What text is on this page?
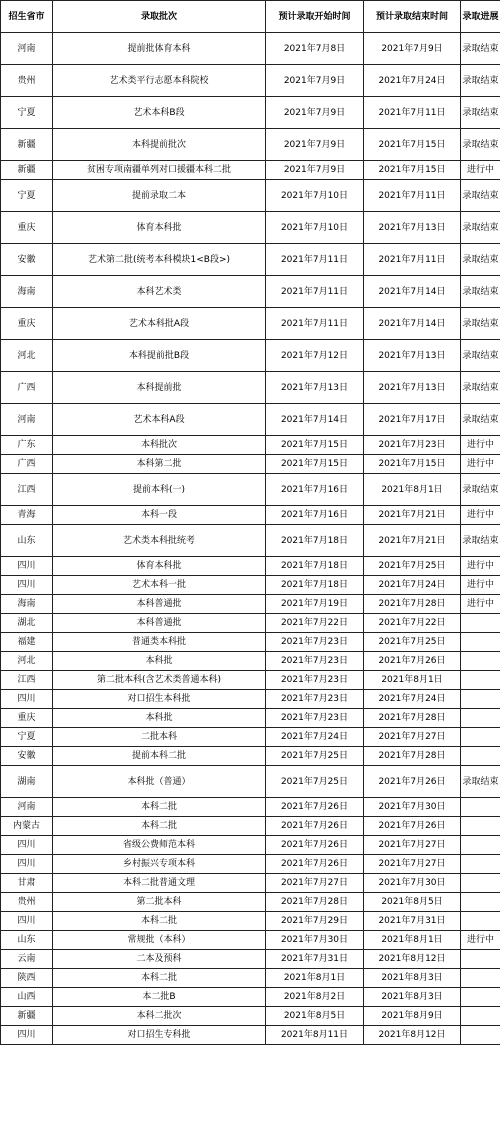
招生省市	录取批次	预计录取开始时间	预计录取结束时间	录取进展
河南	提前批体育本科	2021年7月8日	2021年7月9日	录取结束
贵州	艺术类平行志愿本科院校	2021年7月9日	2021年7月24日	录取结束
宁夏	艺术本科B段	2021年7月9日	2021年7月11日	录取结束
新疆	本科提前批次	2021年7月9日	2021年7月15日	录取结束
新疆	贫困专项南疆单列对口援疆本科二批	2021年7月9日	2021年7月15日	进行中
宁夏	提前录取二本	2021年7月10日	2021年7月11日	录取结束
重庆	体育本科批	2021年7月10日	2021年7月13日	录取结束
安徽	艺术第二批(统考本科模块1<B段>)	2021年7月11日	2021年7月11日	录取结束
海南	本科艺术类	2021年7月11日	2021年7月14日	录取结束
重庆	艺术本科批A段	2021年7月11日	2021年7月14日	录取结束
河北	本科提前批B段	2021年7月12日	2021年7月13日	录取结束
广西	本科提前批	2021年7月13日	2021年7月13日	录取结束
河南	艺术本科A段	2021年7月14日	2021年7月17日	录取结束
广东	本科批次	2021年7月15日	2021年7月23日	进行中
广西	本科第二批	2021年7月15日	2021年7月15日	进行中
江西	提前本科(一)	2021年7月16日	2021年8月1日	录取结束
青海	本科一段	2021年7月16日	2021年7月21日	进行中
山东	艺术类本科批统考	2021年7月18日	2021年7月21日	录取结束
四川	体育本科批	2021年7月18日	2021年7月25日	进行中
四川	艺术本科一批	2021年7月18日	2021年7月24日	进行中
海南	本科普通批	2021年7月19日	2021年7月28日	进行中
湖北	本科普通批	2021年7月22日	2021年7月22日	
福建	普通类本科批	2021年7月23日	2021年7月25日	
河北	本科批	2021年7月23日	2021年7月26日	
江西	第二批本科(含艺术类普通本科)	2021年7月23日	2021年8月1日	
四川	对口招生本科批	2021年7月23日	2021年7月24日	
重庆	本科批	2021年7月23日	2021年7月28日	
宁夏	二批本科	2021年7月24日	2021年7月27日	
安徽	提前本科二批	2021年7月25日	2021年7月28日	
湖南	本科批（普通）	2021年7月25日	2021年7月26日	录取结束
河南	本科二批	2021年7月26日	2021年7月30日	
内蒙古	本科二批	2021年7月26日	2021年7月26日	
四川	省级公费师范本科	2021年7月26日	2021年7月27日	
四川	乡村振兴专项本科	2021年7月26日	2021年7月27日	
甘肃	本科二批普通文理	2021年7月27日	2021年7月30日	
贵州	第二批本科	2021年7月28日	2021年8月5日	
四川	本科二批	2021年7月29日	2021年7月31日	
山东	常规批（本科）	2021年7月30日	2021年8月1日	进行中
云南	二本及预科	2021年7月31日	2021年8月12日	
陕西	本科二批	2021年8月1日	2021年8月3日	
山西	本二批B	2021年8月2日	2021年8月3日	
新疆	本科二批次	2021年8月5日	2021年8月9日	
四川	对口招生专科批	2021年8月11日	2021年8月12日	
